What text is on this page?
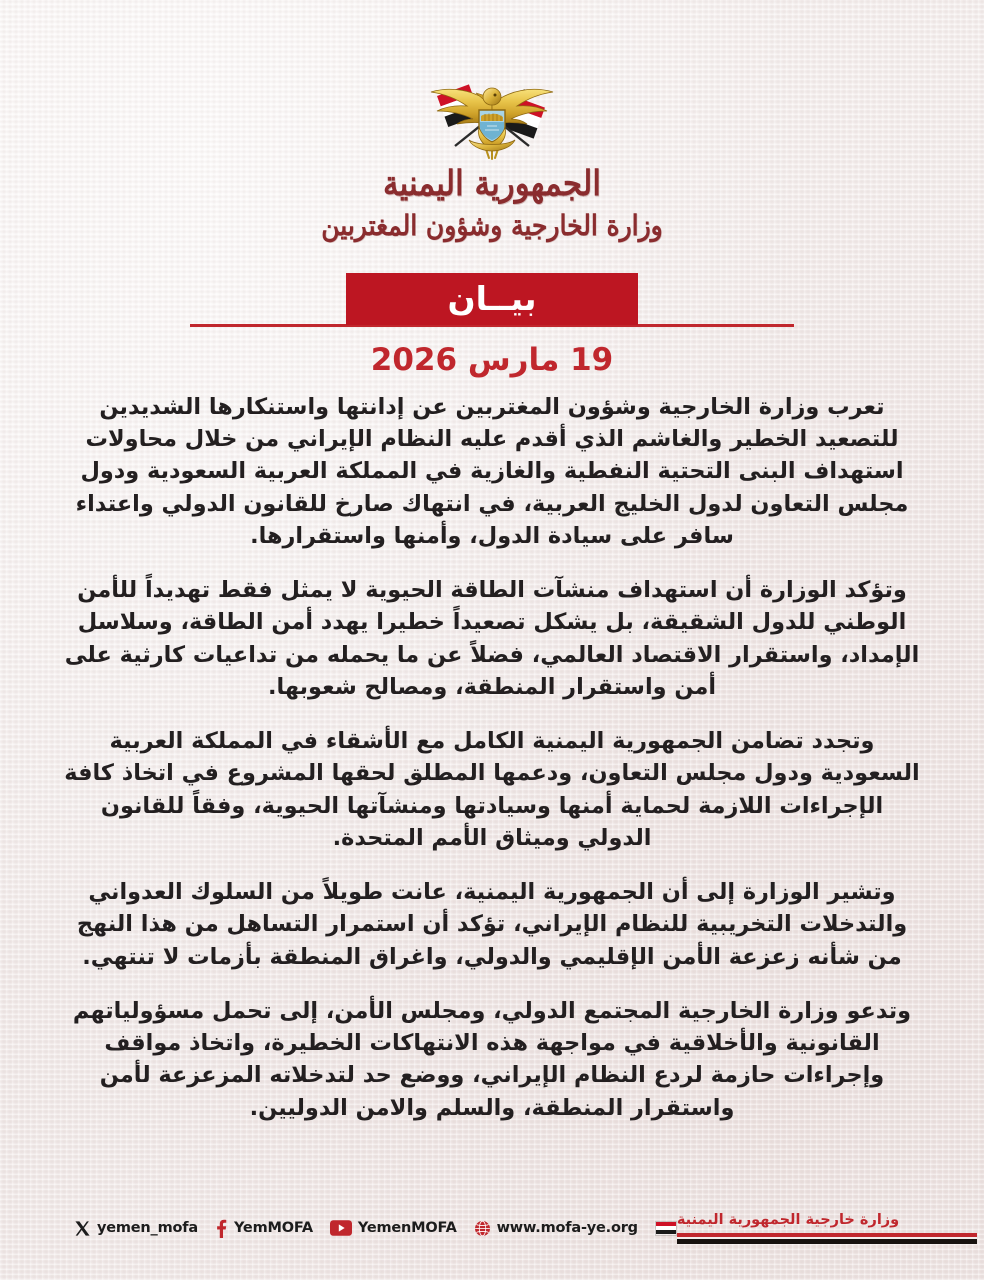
الجمهورية اليمنية
وزارة الخارجية وشؤون المغتربين
بيــان
19 مارس 2026

تعرب وزارة الخارجية وشؤون المغتربين عن إدانتها واستنكارها الشديدين للتصعيد الخطير والغاشم الذي أقدم عليه النظام الإيراني من خلال محاولات استهداف البنى التحتية النفطية والغازية في المملكة العربية السعودية ودول مجلس التعاون لدول الخليج العربية، في انتهاك صارخ للقانون الدولي واعتداء سافر على سيادة الدول، وأمنها واستقرارها.

وتؤكد الوزارة أن استهداف منشآت الطاقة الحيوية لا يمثل فقط تهديداً للأمن الوطني للدول الشقيقة، بل يشكل تصعيداً خطيرا يهدد أمن الطاقة، وسلاسل الإمداد، واستقرار الاقتصاد العالمي، فضلاً عن ما يحمله من تداعيات كارثية على أمن واستقرار المنطقة، ومصالح شعوبها.

وتجدد تضامن الجمهورية اليمنية الكامل مع الأشقاء في المملكة العربية السعودية ودول مجلس التعاون، ودعمها المطلق لحقها المشروع في اتخاذ كافة الإجراءات اللازمة لحماية أمنها وسيادتها ومنشآتها الحيوية، وفقاً للقانون الدولي وميثاق الأمم المتحدة.

وتشير الوزارة إلى أن الجمهورية اليمنية، عانت طويلاً من السلوك العدواني والتدخلات التخريبية للنظام الإيراني، تؤكد أن استمرار التساهل من هذا النهج من شأنه زعزعة الأمن الإقليمي والدولي، واغراق المنطقة بأزمات لا تنتهي.

وتدعو وزارة الخارجية المجتمع الدولي، ومجلس الأمن، إلى تحمل مسؤولياتهم القانونية والأخلاقية في مواجهة هذه الانتهاكات الخطيرة، واتخاذ مواقف وإجراءات حازمة لردع النظام الإيراني، ووضع حد لتدخلاته المزعزعة لأمن واستقرار المنطقة، والسلم والامن الدوليين.

yemen_mofa YemMOFA	YemenMOFA	www.mofa-ye.org	وزارة خارجية الجمهورية اليمنية
